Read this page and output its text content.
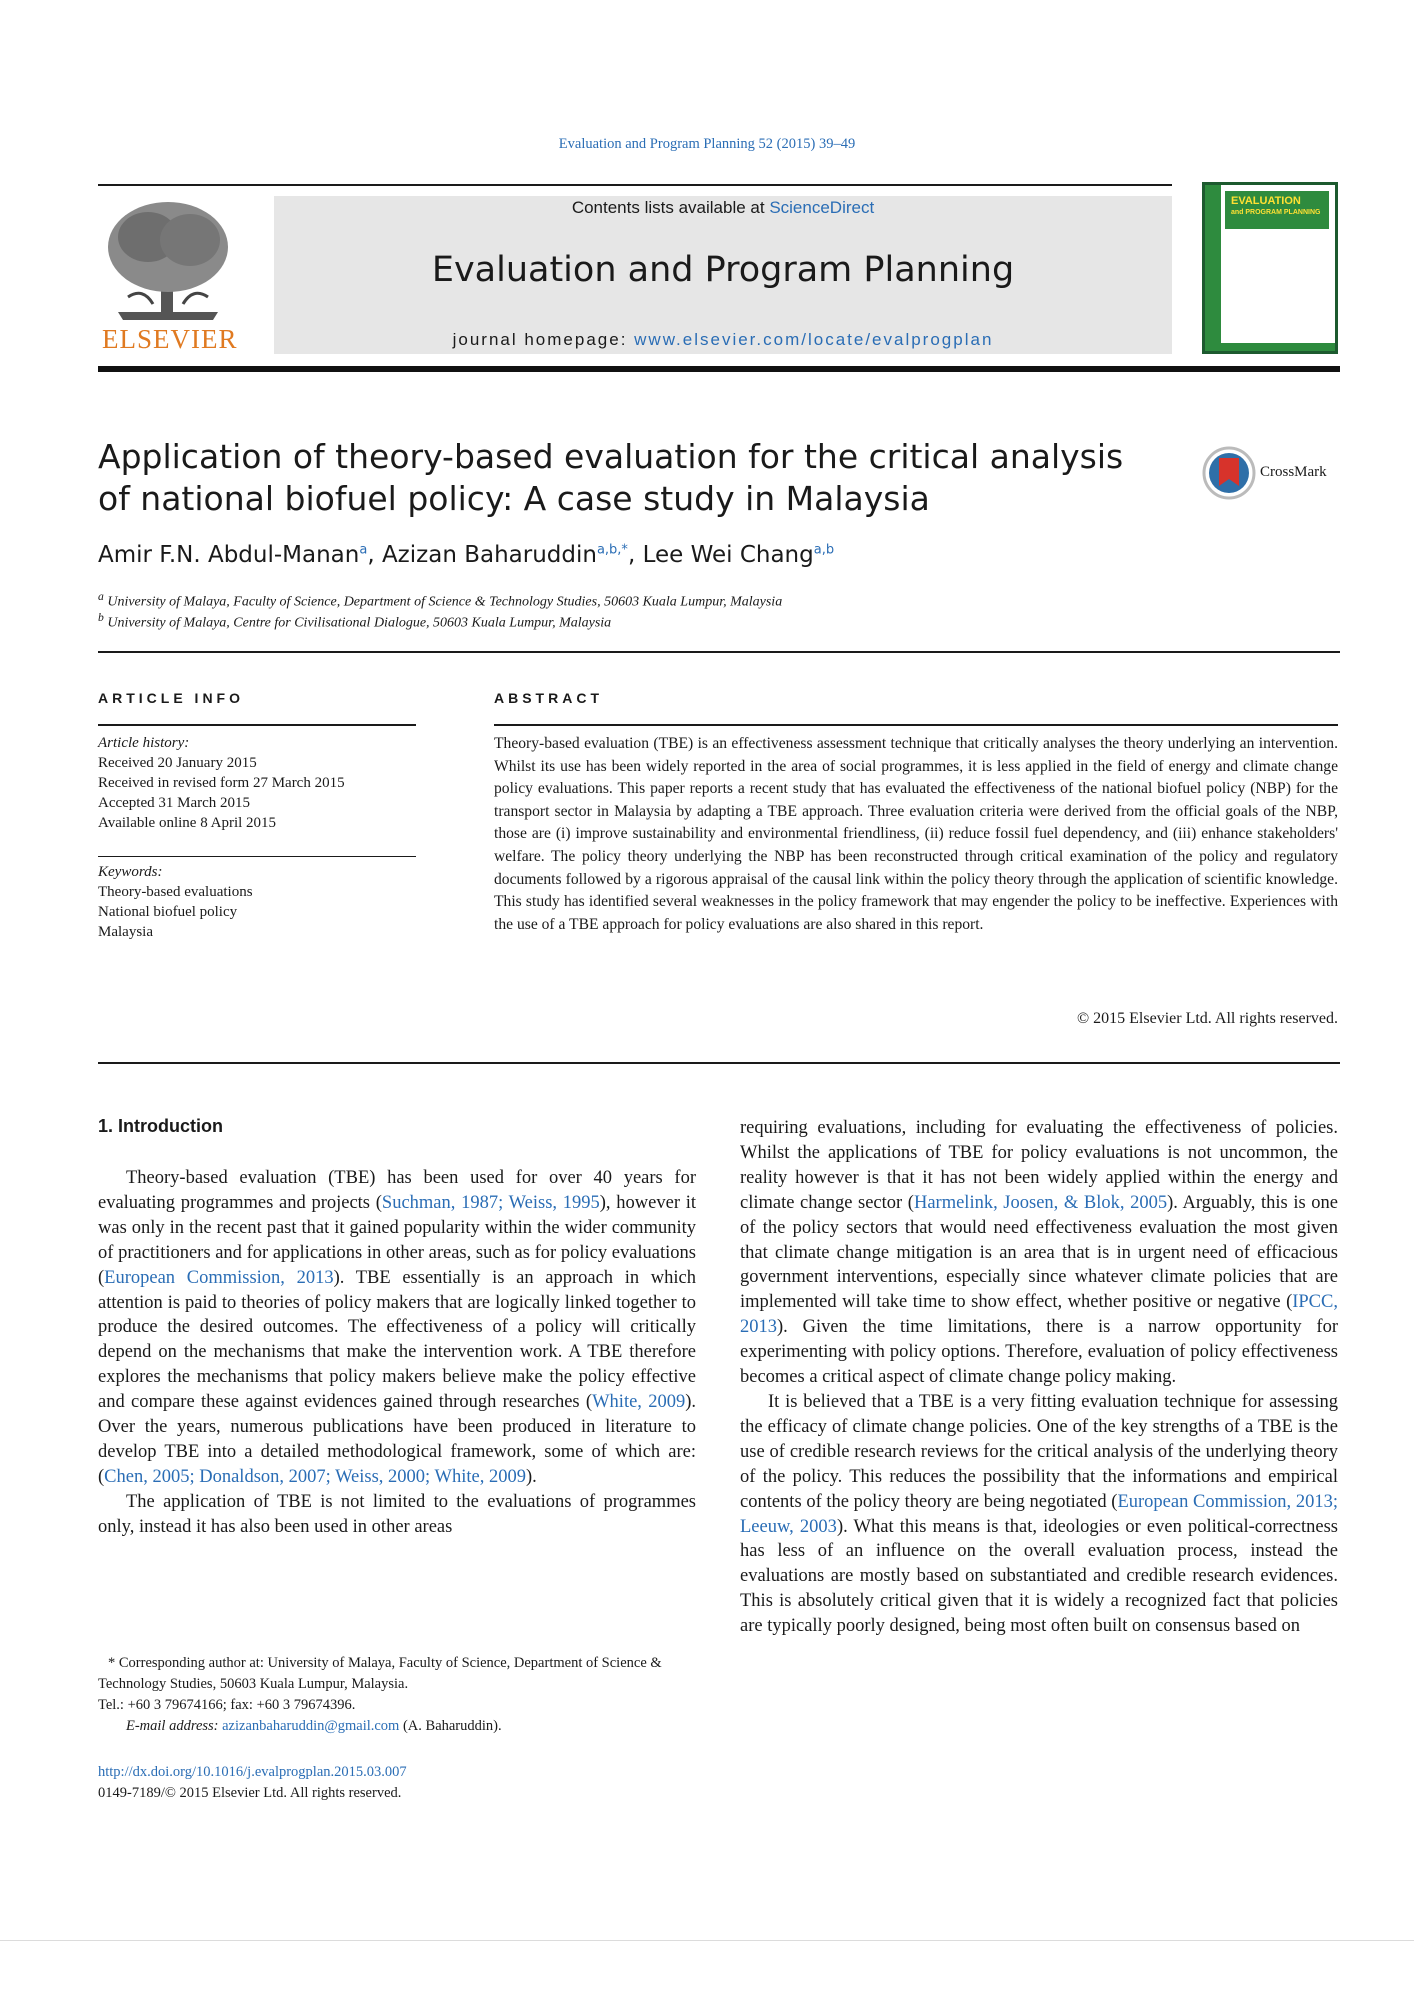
Evaluation and Program Planning 52 (2015) 39–49
ELSEVIER
Contents lists available at ScienceDirect
Evaluation and Program Planning
journal homepage: www.elsevier.com/locate/evalprogplan
EVALUATION
and PROGRAM PLANNING
Application of theory-based evaluation for the critical analysis
of national biofuel policy: A case study in Malaysia
CrossMark
Amir F.N. Abdul-Manan$^a$, Azizan Baharuddin$^{a,b,*}$, Lee Wei Chang$^{a,b}$
$^a$ University of Malaya, Faculty of Science, Department of Science & Technology Studies, 50603 Kuala Lumpur, Malaysia
$^b$ University of Malaya, Centre for Civilisational Dialogue, 50603 Kuala Lumpur, Malaysia
ARTICLE INFO
Article history:
Received 20 January 2015
Received in revised form 27 March 2015
Accepted 31 March 2015
Available online 8 April 2015
Keywords:
Theory-based evaluations
National biofuel policy
Malaysia
ABSTRACT
Theory-based evaluation (TBE) is an effectiveness assessment technique that critically analyses the theory underlying an intervention. Whilst its use has been widely reported in the area of social programmes, it is less applied in the field of energy and climate change policy evaluations. This paper reports a recent study that has evaluated the effectiveness of the national biofuel policy (NBP) for the transport sector in Malaysia by adapting a TBE approach. Three evaluation criteria were derived from the official goals of the NBP, those are (i) improve sustainability and environmental friendliness, (ii) reduce fossil fuel dependency, and (iii) enhance stakeholders' welfare. The policy theory underlying the NBP has been reconstructed through critical examination of the policy and regulatory documents followed by a rigorous appraisal of the causal link within the policy theory through the application of scientific knowledge. This study has identified several weaknesses in the policy framework that may engender the policy to be ineffective. Experiences with the use of a TBE approach for policy evaluations are also shared in this report.
© 2015 Elsevier Ltd. All rights reserved.
1. Introduction

Theory-based evaluation (TBE) has been used for over 40 years for evaluating programmes and projects (Suchman, 1987; Weiss, 1995), however it was only in the recent past that it gained popularity within the wider community of practitioners and for applications in other areas, such as for policy evaluations (European Commission, 2013). TBE essentially is an approach in which attention is paid to theories of policy makers that are logically linked together to produce the desired outcomes. The effectiveness of a policy will critically depend on the mechanisms that make the intervention work. A TBE therefore explores the mechanisms that policy makers believe make the policy effective and compare these against evidences gained through researches (White, 2009). Over the years, numerous publications have been produced in literature to develop TBE into a detailed methodological framework, some of which are: (Chen, 2005; Donaldson, 2007; Weiss, 2000; White, 2009).

The application of TBE is not limited to the evaluations of programmes only, instead it has also been used in other areas

* Corresponding author at: University of Malaya, Faculty of Science, Department of Science & Technology Studies, 50603 Kuala Lumpur, Malaysia.
Tel.: +60 3 79674166; fax: +60 3 79674396.
E-mail address: azizanbaharuddin@gmail.com (A. Baharuddin).
http://dx.doi.org/10.1016/j.evalprogplan.2015.03.007
0149-7189/© 2015 Elsevier Ltd. All rights reserved.

requiring evaluations, including for evaluating the effectiveness of policies. Whilst the applications of TBE for policy evaluations is not uncommon, the reality however is that it has not been widely applied within the energy and climate change sector (Harmelink, Joosen, & Blok, 2005). Arguably, this is one of the policy sectors that would need effectiveness evaluation the most given that climate change mitigation is an area that is in urgent need of efficacious government interventions, especially since whatever climate policies that are implemented will take time to show effect, whether positive or negative (IPCC, 2013). Given the time limitations, there is a narrow opportunity for experimenting with policy options. Therefore, evaluation of policy effectiveness becomes a critical aspect of climate change policy making.

It is believed that a TBE is a very fitting evaluation technique for assessing the efficacy of climate change policies. One of the key strengths of a TBE is the use of credible research reviews for the critical analysis of the underlying theory of the policy. This reduces the possibility that the informations and empirical contents of the policy theory are being negotiated (European Commission, 2013; Leeuw, 2003). What this means is that, ideologies or even political-correctness has less of an influence on the overall evaluation process, instead the evaluations are mostly based on substantiated and credible research evidences. This is absolutely critical given that it is widely a recognized fact that policies are typically poorly designed, being most often built on consensus based on
